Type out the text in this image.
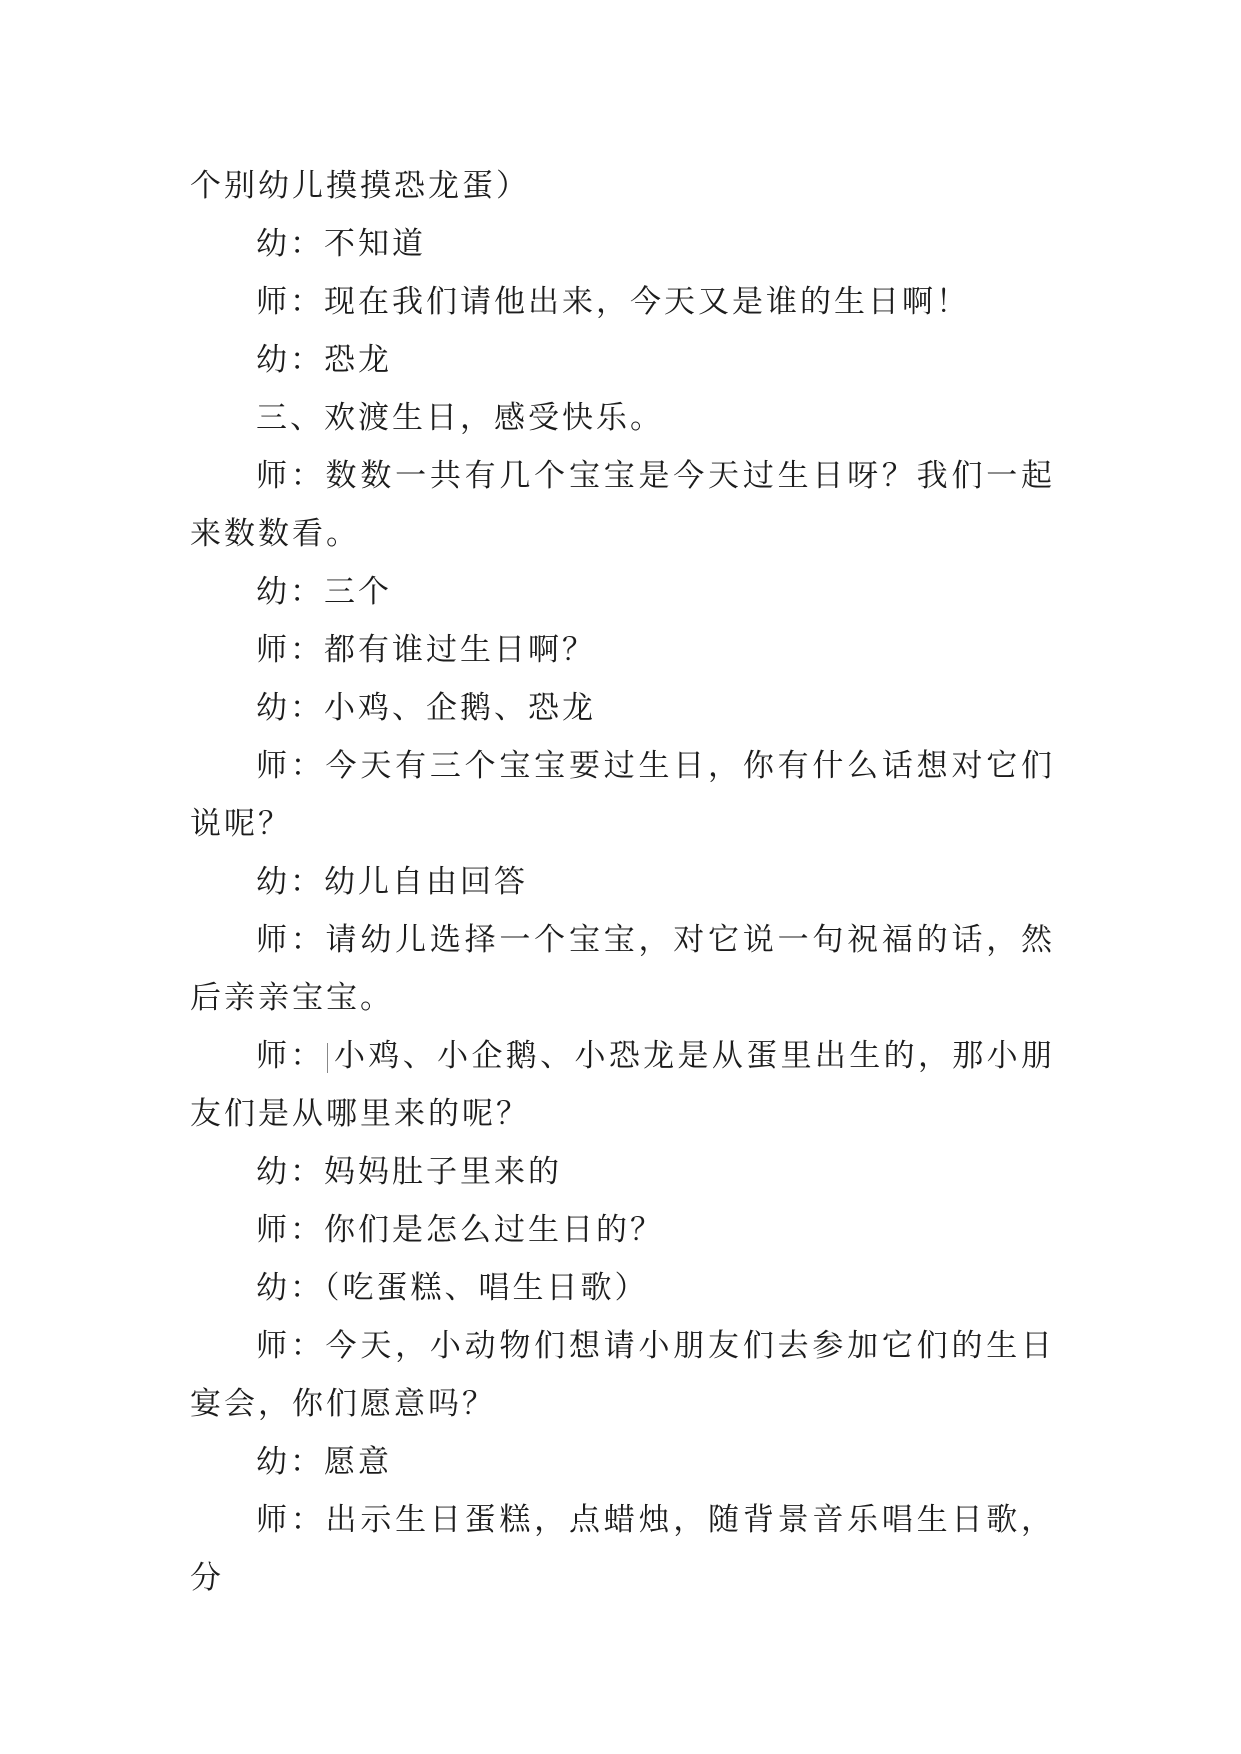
个别幼儿摸摸恐龙蛋）

幼：不知道

师：现在我们请他出来，今天又是谁的生日啊！

幼：恐龙

三、欢渡生日，感受快乐。

师：数数一共有几个宝宝是今天过生日呀？我们一起来数数看。

幼：三个

师：都有谁过生日啊？

幼：小鸡、企鹅、恐龙

师：今天有三个宝宝要过生日，你有什么话想对它们说呢？

幼：幼儿自由回答

师：请幼儿选择一个宝宝，对它说一句祝福的话，然后亲亲宝宝。

师： 小鸡、小企鹅、小恐龙是从蛋里出生的，那小朋友们是从哪里来的呢？

幼：妈妈肚子里来的

师：你们是怎么过生日的？

幼：（吃蛋糕、唱生日歌）

师：今天，小动物们想请小朋友们去参加它们的生日宴会，你们愿意吗？

幼：愿意

师：出示生日蛋糕，点蜡烛，随背景音乐唱生日歌，分
